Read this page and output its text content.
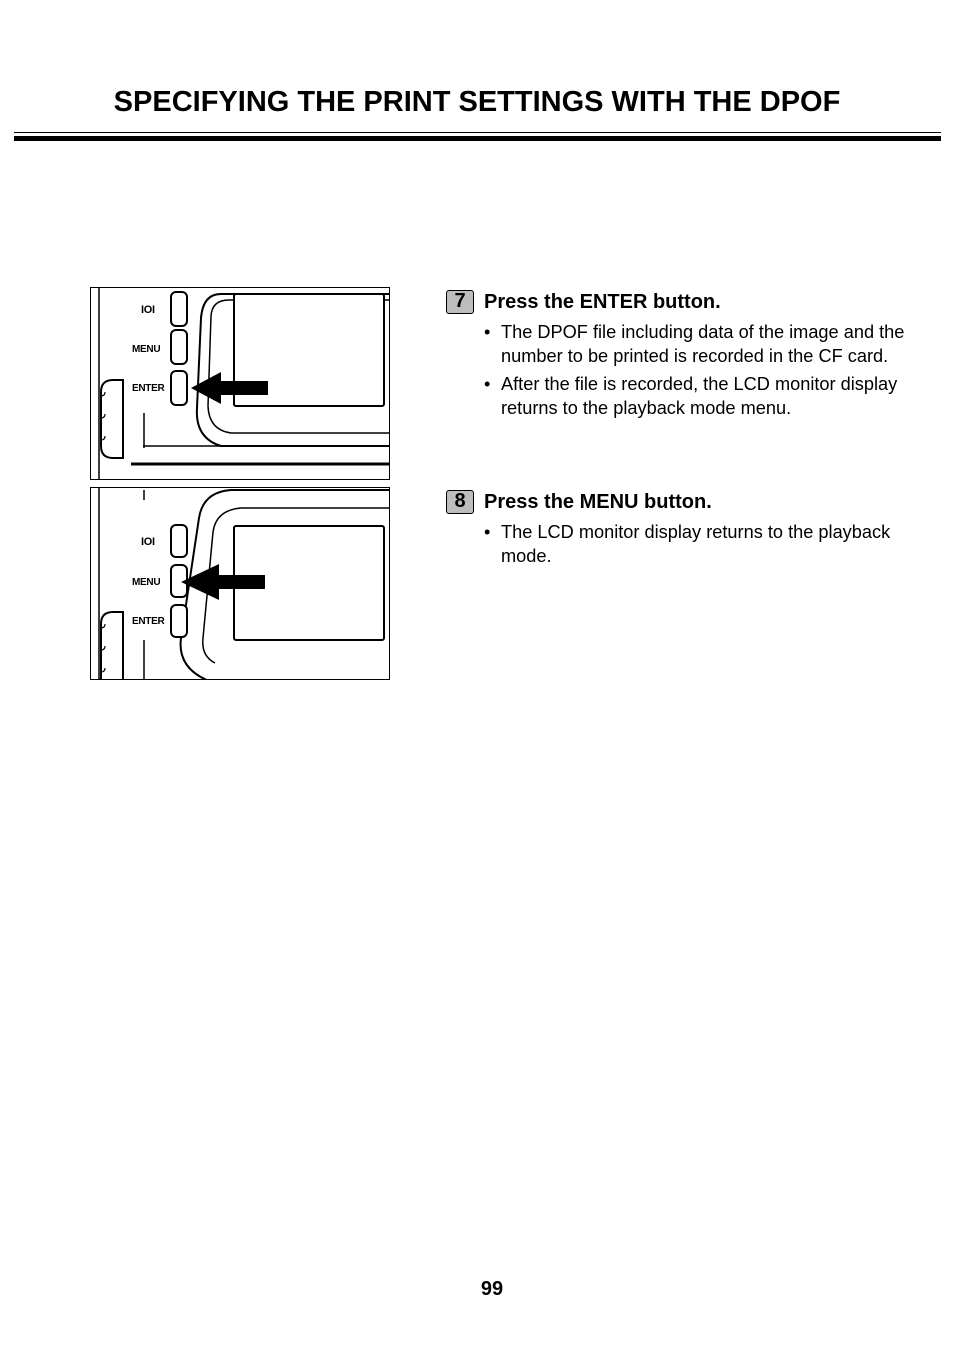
SPECIFYING THE PRINT SETTINGS WITH THE DPOF
IOI
MENU
ENTER
IOI
MENU
ENTER
7 Press the ENTER button.
• The DPOF file including data of the image and the number to be printed is recorded in the CF card.
• After the file is recorded, the LCD monitor display returns to the playback mode menu.
8 Press the MENU button.
• The LCD monitor display returns to the playback mode.
99
